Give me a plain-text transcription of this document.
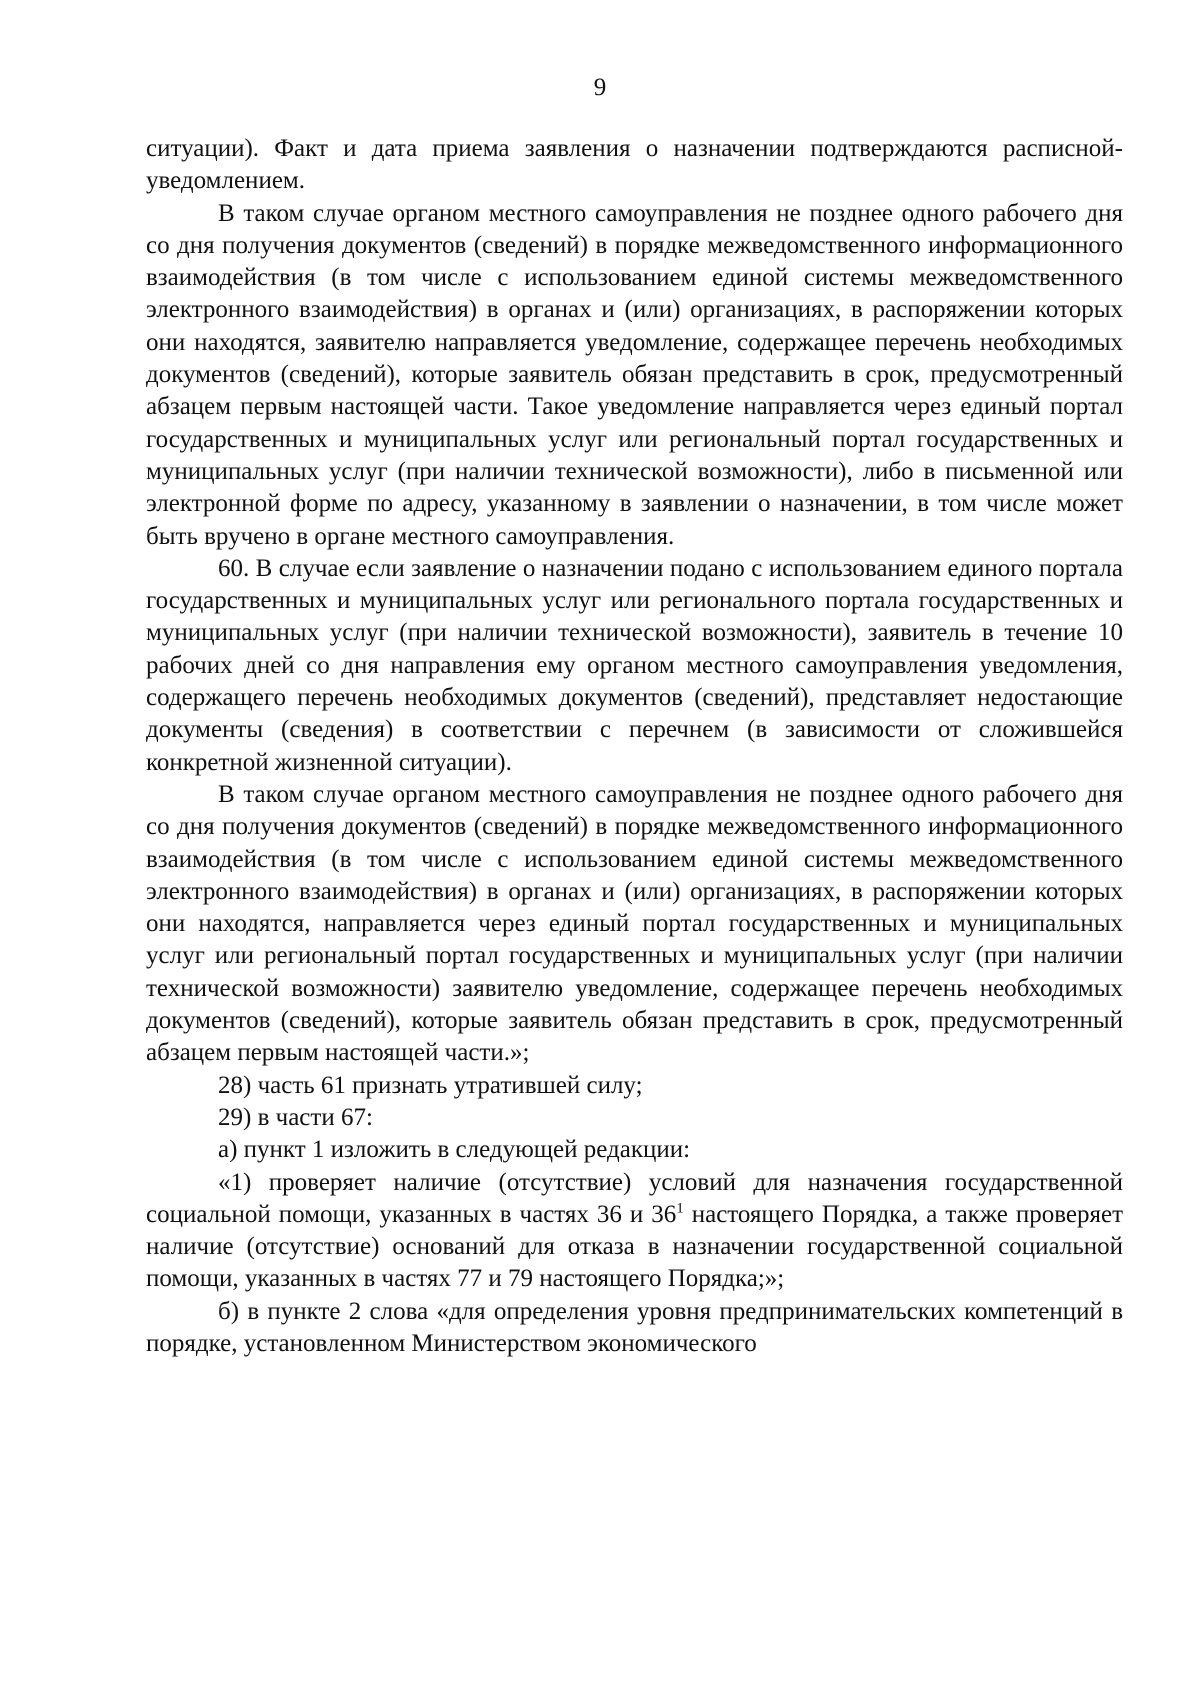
9

ситуации). Факт и дата приема заявления о назначении подтверждаются расписной-уведомлением.

В таком случае органом местного самоуправления не позднее одного рабочего дня со дня получения документов (сведений) в порядке межведомственного информационного взаимодействия (в том числе с использованием единой системы межведомственного электронного взаимодействия) в органах и (или) организациях, в распоряжении которых они находятся, заявителю направляется уведомление, содержащее перечень необходимых документов (сведений), которые заявитель обязан представить в срок, предусмотренный абзацем первым настоящей части. Такое уведомление направляется через единый портал государственных и муниципальных услуг или региональный портал государственных и муниципальных услуг (при наличии технической возможности), либо в письменной или электронной форме по адресу, указанному в заявлении о назначении, в том числе может быть вручено в органе местного самоуправления.

60. В случае если заявление о назначении подано с использованием единого портала государственных и муниципальных услуг или регионального портала государственных и муниципальных услуг (при наличии технической возможности), заявитель в течение 10 рабочих дней со дня направления ему органом местного самоуправления уведомления, содержащего перечень необходимых документов (сведений), представляет недостающие документы (сведения) в соответствии с перечнем (в зависимости от сложившейся конкретной жизненной ситуации).

В таком случае органом местного самоуправления не позднее одного рабочего дня со дня получения документов (сведений) в порядке межведомственного информационного взаимодействия (в том числе с использованием единой системы межведомственного электронного взаимодействия) в органах и (или) организациях, в распоряжении которых они находятся, направляется через единый портал государственных и муниципальных услуг или региональный портал государственных и муниципальных услуг (при наличии технической возможности) заявителю уведомление, содержащее перечень необходимых документов (сведений), которые заявитель обязан представить в срок, предусмотренный абзацем первым настоящей части.»;

28) часть 61 признать утратившей силу;

29) в части 67:

а) пункт 1 изложить в следующей редакции:

«1) проверяет наличие (отсутствие) условий для назначения государственной социальной помощи, указанных в частях 36 и $36^1$ настоящего Порядка, а также проверяет наличие (отсутствие) оснований для отказа в назначении государственной социальной помощи, указанных в частях 77 и 79 настоящего Порядка;»;

б) в пункте 2 слова «для определения уровня предпринимательских компетенций в порядке, установленном Министерством экономического
